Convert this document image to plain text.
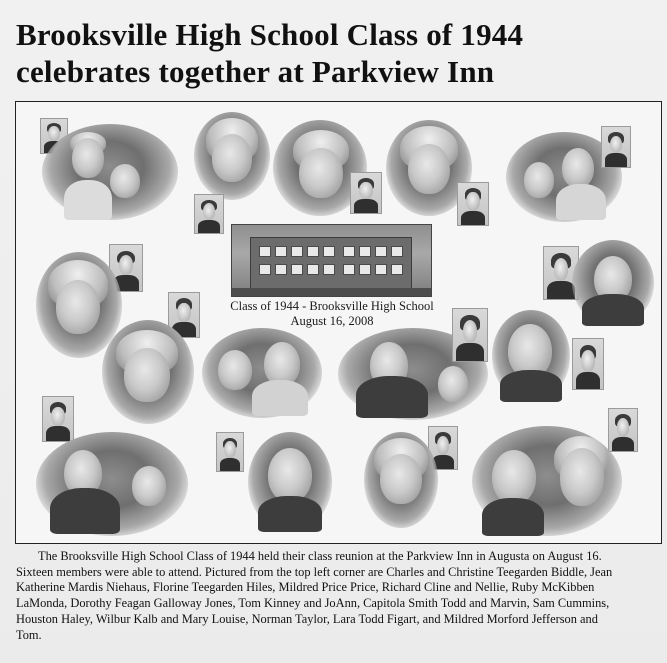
Brooksville High School Class of 1944
celebrates together at Parkview Inn
Class of 1944 - Brooksville High School
August 16, 2008
The Brooksville High School Class of 1944 held their class reunion at the Parkview Inn in Augusta on August 16.
Sixteen members were able to attend. Pictured from the top left corner are Charles and Christine Teegarden Biddle, Jean
Katherine Mardis Niehaus, Florine Teegarden Hiles, Mildred Price Price, Richard Cline and Nellie, Ruby McKibben
LaMonda, Dorothy Feagan Galloway Jones, Tom Kinney and JoAnn, Capitola Smith Todd and Marvin, Sam Cummins,
Houston Haley, Wilbur Kalb and Mary Louise, Norman Taylor, Lara Todd Figart, and Mildred Morford Jefferson and
Tom.
